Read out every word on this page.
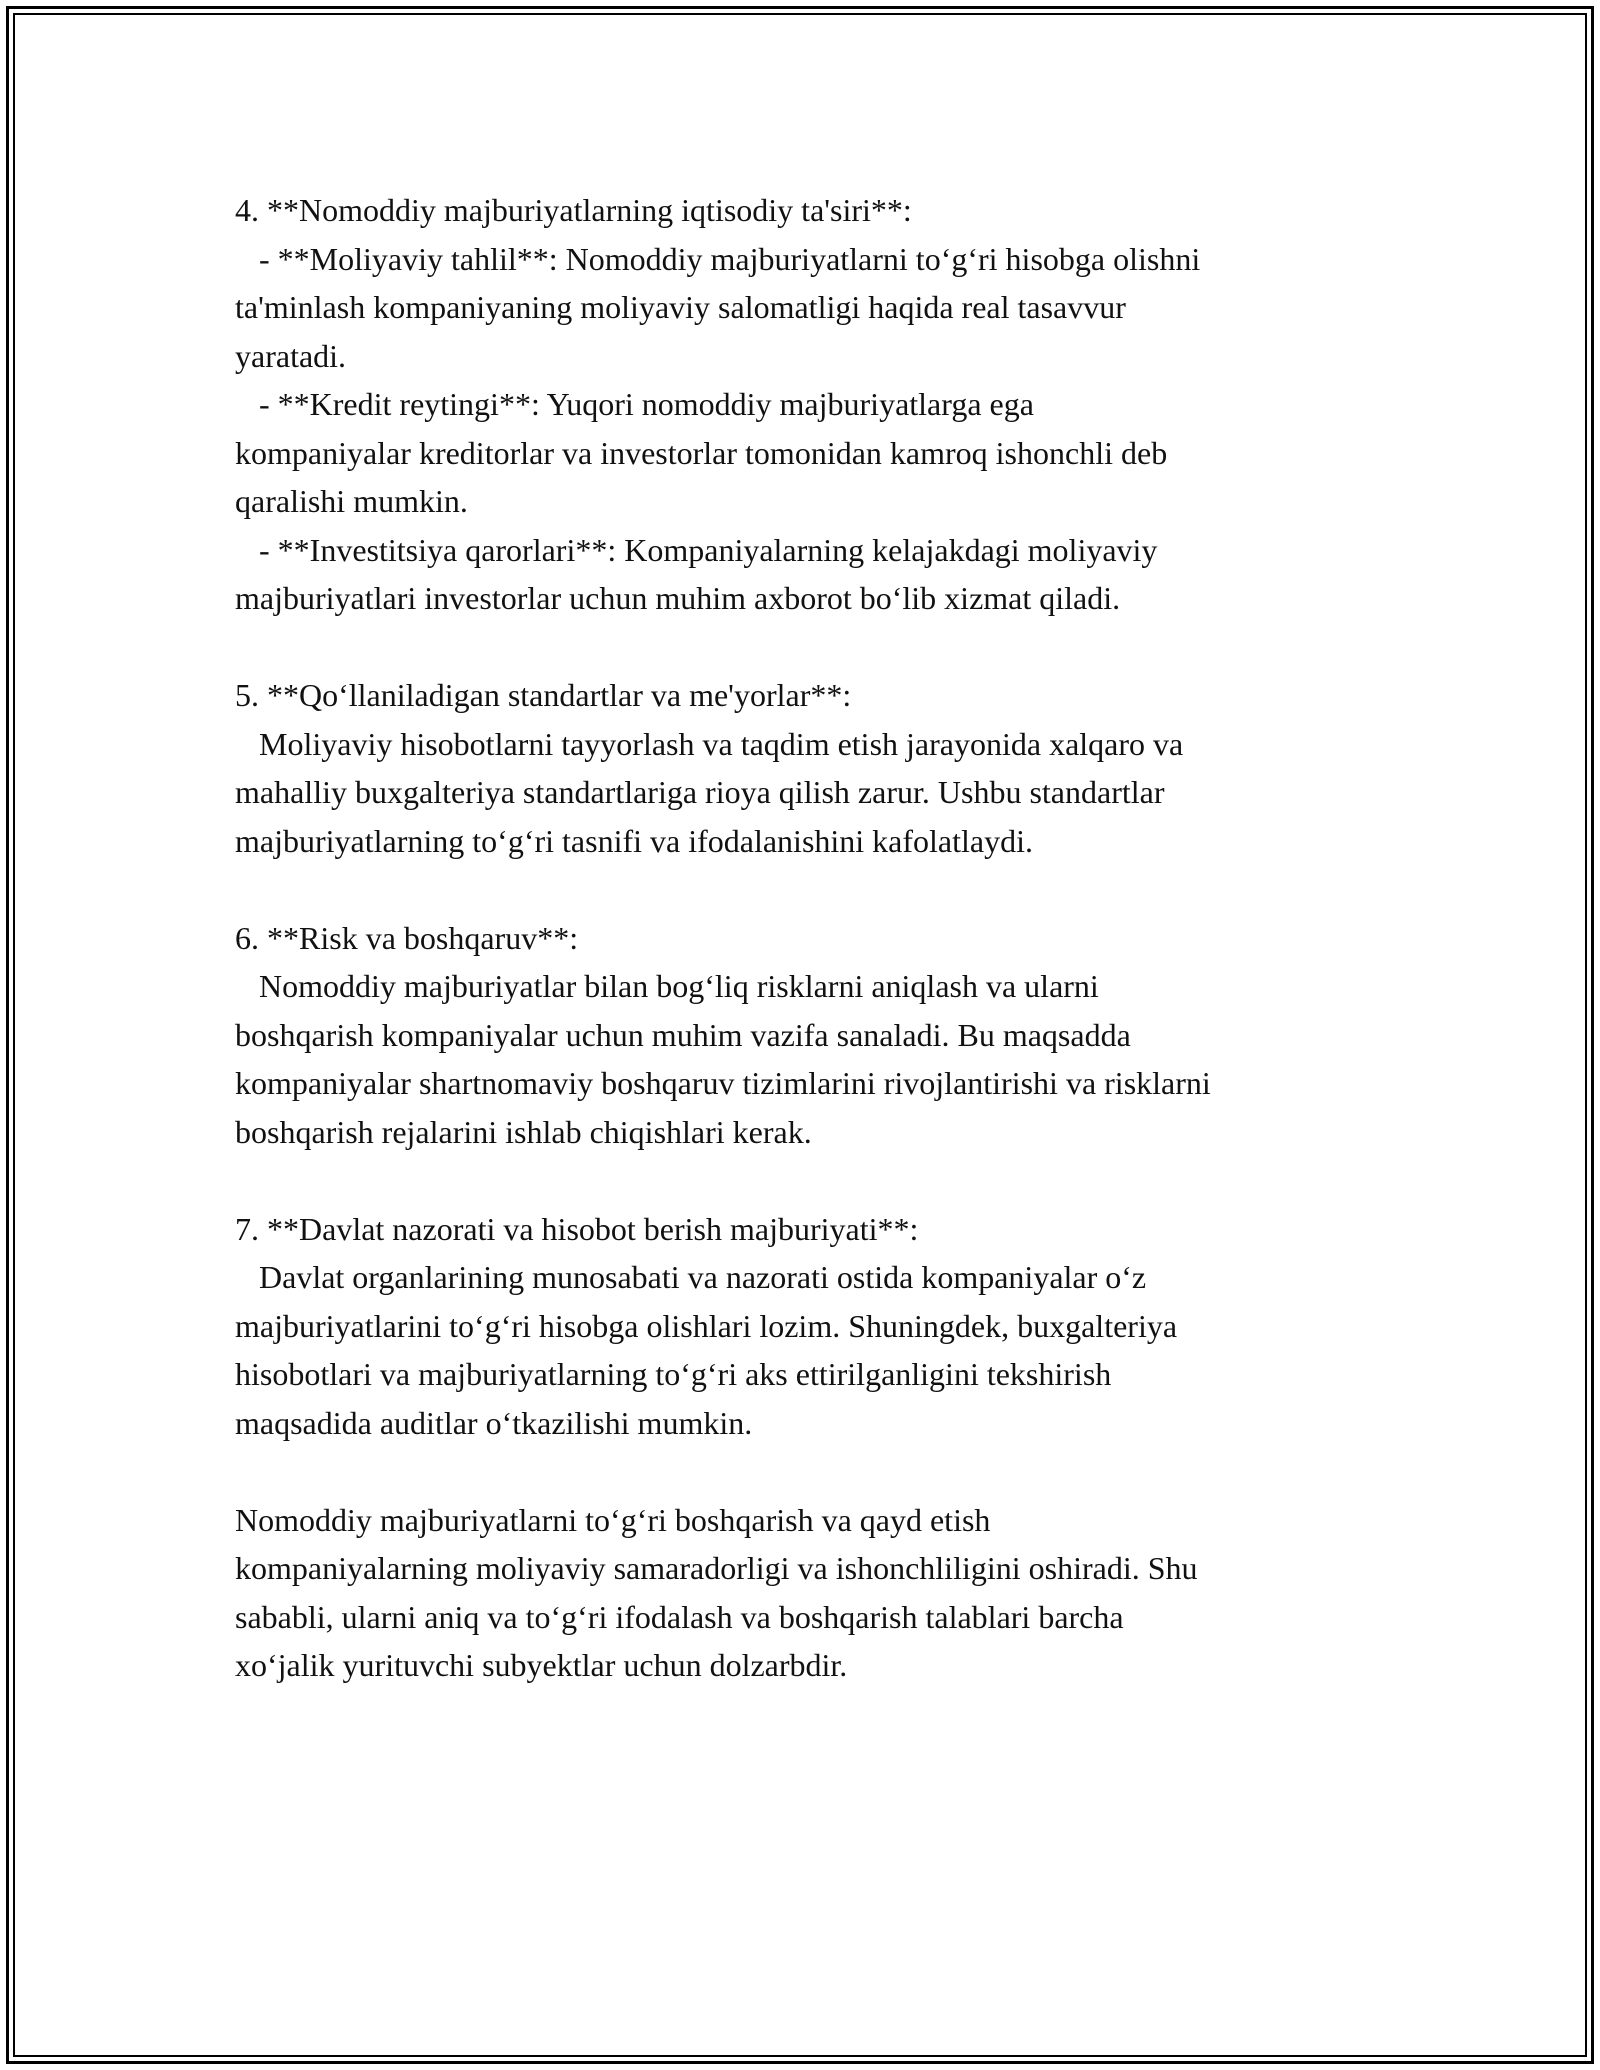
4. **Nomoddiy majburiyatlarning iqtisodiy ta'siri**:
- **Moliyaviy tahlil**: Nomoddiy majburiyatlarni to‘g‘ri hisobga olishni
ta'minlash kompaniyaning moliyaviy salomatligi haqida real tasavvur
yaratadi.
- **Kredit reytingi**: Yuqori nomoddiy majburiyatlarga ega
kompaniyalar kreditorlar va investorlar tomonidan kamroq ishonchli deb
qaralishi mumkin.
- **Investitsiya qarorlari**: Kompaniyalarning kelajakdagi moliyaviy
majburiyatlari investorlar uchun muhim axborot bo‘lib xizmat qiladi.
5. **Qo‘llaniladigan standartlar va me'yorlar**:
Moliyaviy hisobotlarni tayyorlash va taqdim etish jarayonida xalqaro va
mahalliy buxgalteriya standartlariga rioya qilish zarur. Ushbu standartlar
majburiyatlarning to‘g‘ri tasnifi va ifodalanishini kafolatlaydi.
6. **Risk va boshqaruv**:
Nomoddiy majburiyatlar bilan bog‘liq risklarni aniqlash va ularni
boshqarish kompaniyalar uchun muhim vazifa sanaladi. Bu maqsadda
kompaniyalar shartnomaviy boshqaruv tizimlarini rivojlantirishi va risklarni
boshqarish rejalarini ishlab chiqishlari kerak.
7. **Davlat nazorati va hisobot berish majburiyati**:
Davlat organlarining munosabati va nazorati ostida kompaniyalar o‘z
majburiyatlarini to‘g‘ri hisobga olishlari lozim. Shuningdek, buxgalteriya
hisobotlari va majburiyatlarning to‘g‘ri aks ettirilganligini tekshirish
maqsadida auditlar o‘tkazilishi mumkin.
Nomoddiy majburiyatlarni to‘g‘ri boshqarish va qayd etish
kompaniyalarning moliyaviy samaradorligi va ishonchliligini oshiradi. Shu
sababli, ularni aniq va to‘g‘ri ifodalash va boshqarish talablari barcha
xo‘jalik yurituvchi subyektlar uchun dolzarbdir.
